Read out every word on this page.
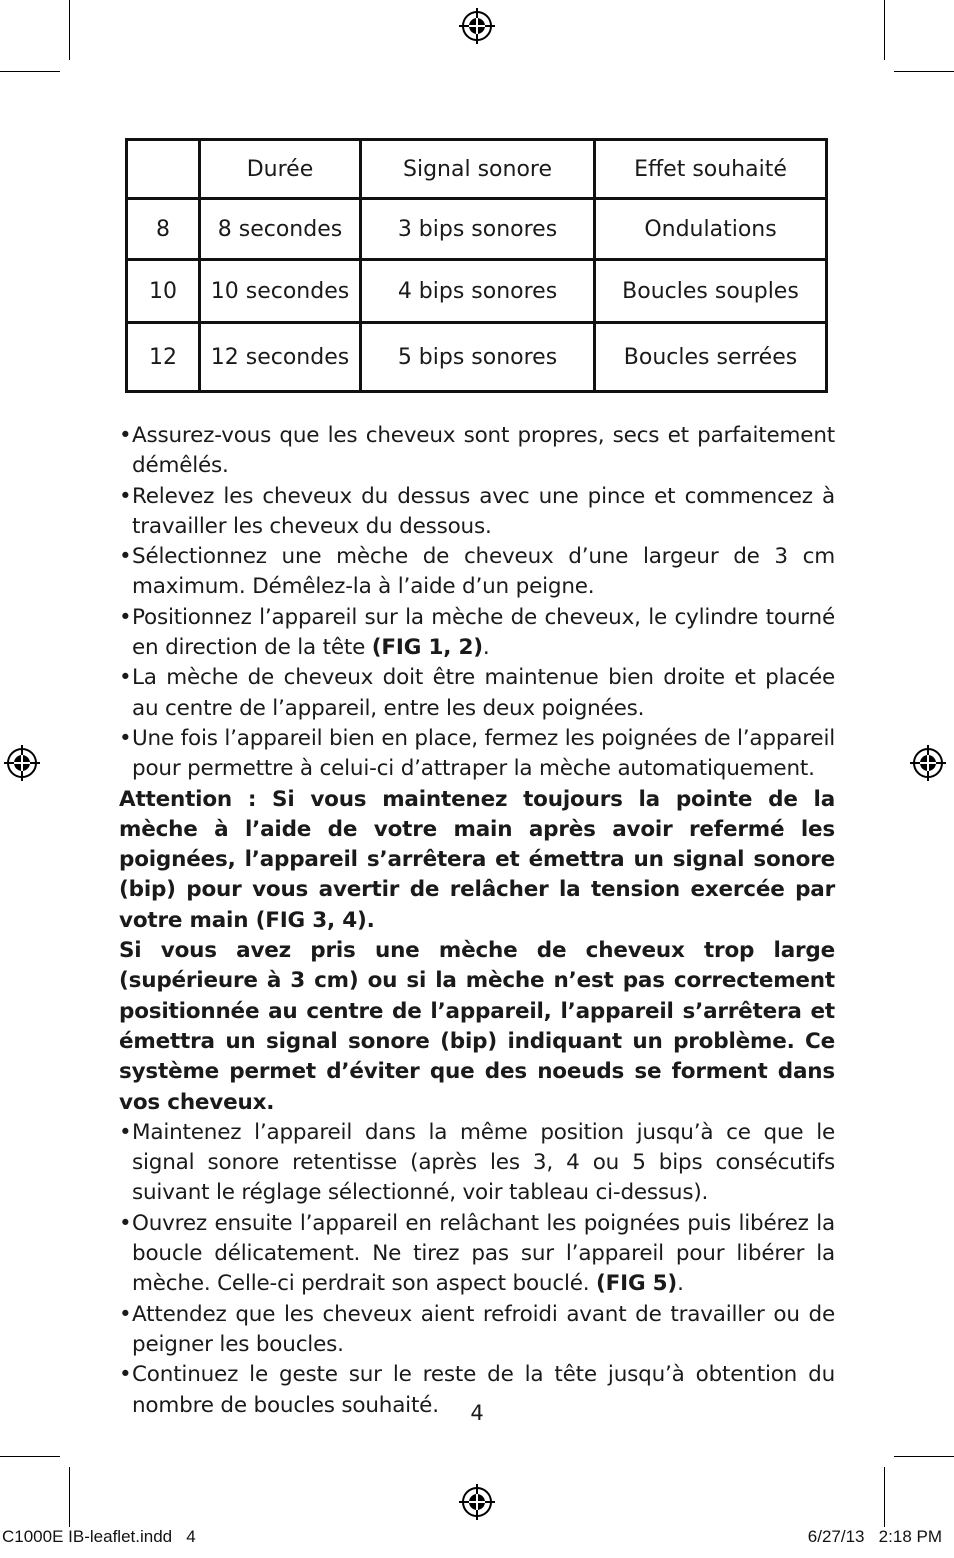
	Durée	Signal sonore	Effet souhaité
8	8 secondes	3 bips sonores	Ondulations
10	10 secondes	4 bips sonores	Boucles souples
12	12 secondes	5 bips sonores	Boucles serrées

• Assurez-vous que les cheveux sont propres, secs et parfaitement démêlés.

• Relevez les cheveux du dessus avec une pince et commencez à travailler les cheveux du dessous.

• Sélectionnez une mèche de cheveux d’une largeur de 3 cm maximum. Démêlez-la à l’aide d’un peigne.

• Positionnez l’appareil sur la mèche de cheveux, le cylindre tourné en direction de la tête (FIG 1, 2).

• La mèche de cheveux doit être maintenue bien droite et placée au centre de l’appareil, entre les deux poignées.

• Une fois l’appareil bien en place, fermez les poignées de l’appareil pour permettre à celui-ci d’attraper la mèche automatiquement.

Attention : Si vous maintenez toujours la pointe de la mèche à l’aide de votre main après avoir refermé les poignées, l’appareil s’arrêtera et émettra un signal sonore (bip) pour vous avertir de relâcher la tension exercée par votre main (FIG 3, 4).

Si vous avez pris une mèche de cheveux trop large (supérieure à 3 cm) ou si la mèche n’est pas correctement positionnée au centre de l’appareil, l’appareil s’arrêtera et émettra un signal sonore (bip) indiquant un problème. Ce système permet d’éviter que des noeuds se forment dans vos cheveux.

• Maintenez l’appareil dans la même position jusqu’à ce que le signal sonore retentisse (après les 3, 4 ou 5 bips consécutifs suivant le réglage sélectionné, voir tableau ci-dessus).

• Ouvrez ensuite l’appareil en relâchant les poignées puis libérez la boucle délicatement. Ne tirez pas sur l’appareil pour libérer la mèche. Celle-ci perdrait son aspect bouclé. (FIG 5).

• Attendez que les cheveux aient refroidi avant de travailler ou de peigner les boucles.

• Continuez le geste sur le reste de la tête jusqu’à obtention du nombre de boucles souhaité.	4
C1000E IB-leaflet.indd   4	6/27/13   2:18 PM
